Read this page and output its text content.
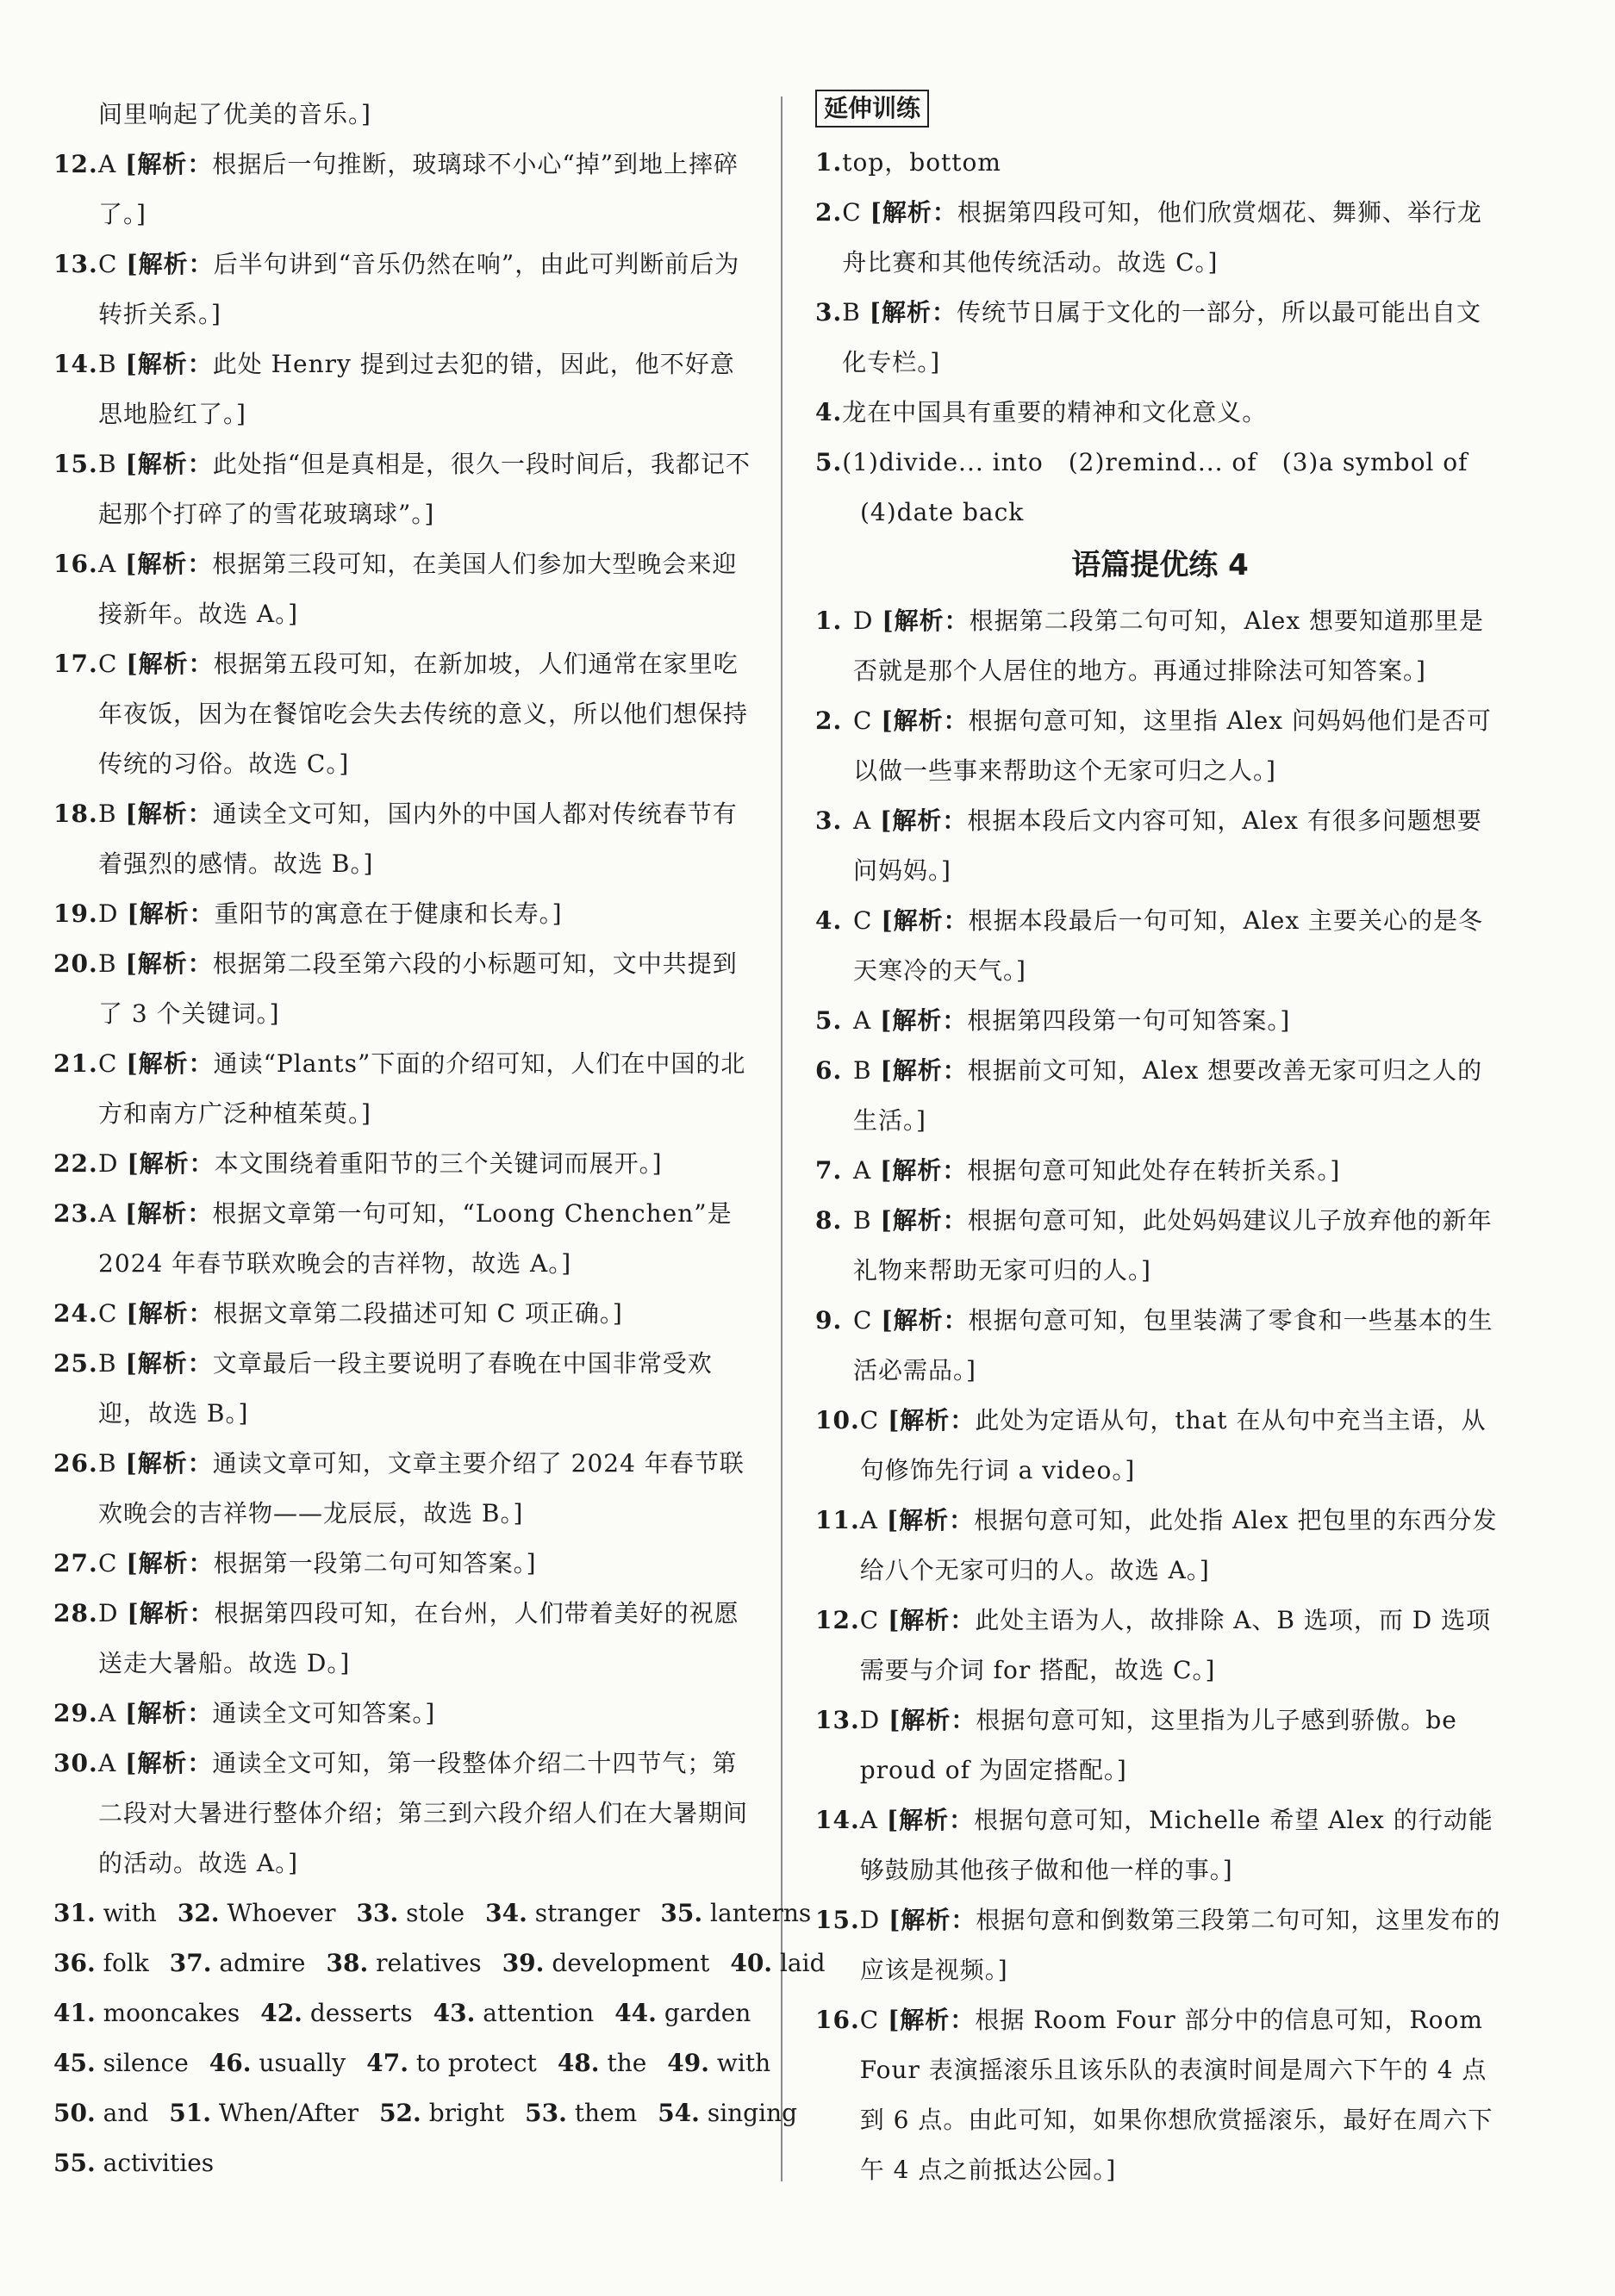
间里响起了优美的音乐。]
12. A [解析：根据后一句推断，玻璃球不小心“掉”到地上摔碎了。]
13. C [解析：后半句讲到“音乐仍然在响”，由此可判断前后为转折关系。]
14. B [解析：此处 Henry 提到过去犯的错，因此，他不好意思地脸红了。]
15. B [解析：此处指“但是真相是，很久一段时间后，我都记不起那个打碎了的雪花玻璃球”。]
16. A [解析：根据第三段可知，在美国人们参加大型晚会来迎接新年。故选 A。]
17. C [解析：根据第五段可知，在新加坡，人们通常在家里吃年夜饭，因为在餐馆吃会失去传统的意义，所以他们想保持传统的习俗。故选 C。]
18. B [解析：通读全文可知，国内外的中国人都对传统春节有着强烈的感情。故选 B。]
19. D [解析：重阳节的寓意在于健康和长寿。]
20. B [解析：根据第二段至第六段的小标题可知，文中共提到了 3 个关键词。]
21. C [解析：通读“Plants”下面的介绍可知，人们在中国的北方和南方广泛种植茱萸。]
22. D [解析：本文围绕着重阳节的三个关键词而展开。]
23. A [解析：根据文章第一句可知，“Loong Chenchen”是 2024 年春节联欢晚会的吉祥物，故选 A。]
24. C [解析：根据文章第二段描述可知 C 项正确。]
25. B [解析：文章最后一段主要说明了春晚在中国非常受欢迎，故选 B。]
26. B [解析：通读文章可知，文章主要介绍了 2024 年春节联欢晚会的吉祥物——龙辰辰，故选 B。]
27. C [解析：根据第一段第二句可知答案。]
28. D [解析：根据第四段可知，在台州，人们带着美好的祝愿送走大暑船。故选 D。]
29. A [解析：通读全文可知答案。]
30. A [解析：通读全文可知，第一段整体介绍二十四节气；第二段对大暑进行整体介绍；第三到六段介绍人们在大暑期间的活动。故选 A。]
31. with 32. Whoever 33. stole 34. stranger 35. lanterns
36. folk 37. admire 38. relatives 39. development 40. laid
41. mooncakes 42. desserts 43. attention 44. garden
45. silence 46. usually 47. to protect 48. the 49. with
50. and 51. When/After 52. bright 53. them 54. singing
55. activities
延伸训练
1. top，bottom
2. C [解析：根据第四段可知，他们欣赏烟花、舞狮、举行龙舟比赛和其他传统活动。故选 C。]
3. B [解析：传统节日属于文化的一部分，所以最可能出自文化专栏。]
4. 龙在中国具有重要的精神和文化意义。
5. (1)divide... into　(2)remind... of　(3)a symbol of
(4)date back
语篇提优练 4
1. D [解析：根据第二段第二句可知，Alex 想要知道那里是否就是那个人居住的地方。再通过排除法可知答案。]
2. C [解析：根据句意可知，这里指 Alex 问妈妈他们是否可以做一些事来帮助这个无家可归之人。]
3. A [解析：根据本段后文内容可知，Alex 有很多问题想要问妈妈。]
4. C [解析：根据本段最后一句可知，Alex 主要关心的是冬天寒冷的天气。]
5. A [解析：根据第四段第一句可知答案。]
6. B [解析：根据前文可知，Alex 想要改善无家可归之人的生活。]
7. A [解析：根据句意可知此处存在转折关系。]
8. B [解析：根据句意可知，此处妈妈建议儿子放弃他的新年礼物来帮助无家可归的人。]
9. C [解析：根据句意可知，包里装满了零食和一些基本的生活必需品。]
10. C [解析：此处为定语从句，that 在从句中充当主语，从句修饰先行词 a video。]
11. A [解析：根据句意可知，此处指 Alex 把包里的东西分发给八个无家可归的人。故选 A。]
12. C [解析：此处主语为人，故排除 A、B 选项，而 D 选项需要与介词 for 搭配，故选 C。]
13. D [解析：根据句意可知，这里指为儿子感到骄傲。be proud of 为固定搭配。]
14. A [解析：根据句意可知，Michelle 希望 Alex 的行动能够鼓励其他孩子做和他一样的事。]
15. D [解析：根据句意和倒数第三段第二句可知，这里发布的应该是视频。]
16. C [解析：根据 Room Four 部分中的信息可知，Room Four 表演摇滚乐且该乐队的表演时间是周六下午的 4 点到 6 点。由此可知，如果你想欣赏摇滚乐，最好在周六下午 4 点之前抵达公园。]
